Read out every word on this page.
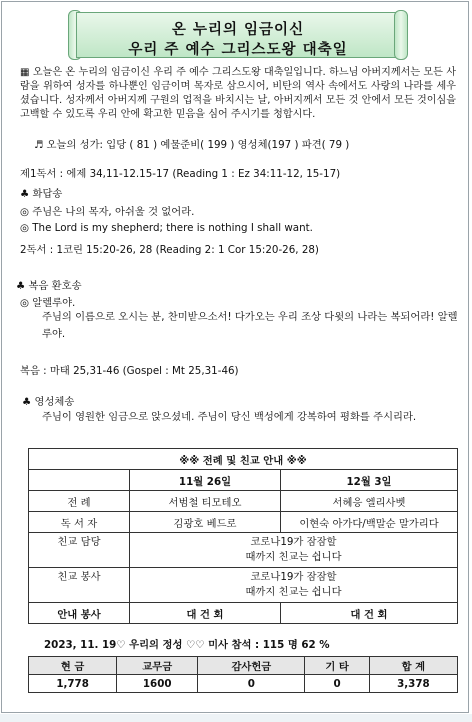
온 누리의 임금이신
우리 주 예수 그리스도왕 대축일
▦ 오늘은 온 누리의 임금이신 우리 주 예수 그리스도왕 대축일입니다. 하느님 아버지께서는 모든 사람을 위하여 성자를 하나뿐인 임금이며 목자로 삼으시어, 비탄의 역사 속에서도 사랑의 나라를 세우셨습니다. 성자께서 아버지께 구원의 업적을 바치시는 날, 아버지께서 모든 것 안에서 모든 것이심을 고백할 수 있도록 우리 안에 확고한 믿음을 심어 주시기를 청합시다.
♬ 오늘의 성가: 입당 ( 81 ) 예물준비( 199 ) 영성체(197 ) 파견( 79 )
제1독서 : 에제 34,11-12.15-17 (Reading 1 : Ez 34:11-12, 15-17)
♣ 화답송
◎ 주님은 나의 목자, 아쉬울 것 없어라.
◎ The Lord is my shepherd; there is nothing I shall want.
2독서 : 1코린 15:20-26, 28 (Reading 2: 1 Cor 15:20-26, 28)
♣ 복음 환호송
◎ 알렐루야.
주님의 이름으로 오시는 분, 찬미받으소서! 다가오는 우리 조상 다윗의 나라는 복되어라! 알렐루야.
복음 : 마태 25,31-46 (Gospel : Mt 25,31-46)
♣ 영성체송
주님이 영원한 임금으로 앉으셨네. 주님이 당신 백성에게 강복하여 평화를 주시리라.
※※ 전례 및 친교 안내 ※※		
	11월 26일	12월 3일
전 례	서범철 티모테오	서혜응 엘리사벳
독 서 자	김광호 베드로	이현숙 아가다/백말순 말가리다
친교 담당	코로나19가 잠잠할
때까지 친교는 쉽니다	

친교 봉사	코로나19가 잠잠할
때까지 친교는 쉽니다	

안내 봉사	대 건 회	대 건 회
2023, 11. 19♡ 우리의 정성 ♡♡ 미사 참석 : 115 명 62 %
현 금	교무금	감사헌금	기 타	합 계
1,778	1600	0	0	3,378
